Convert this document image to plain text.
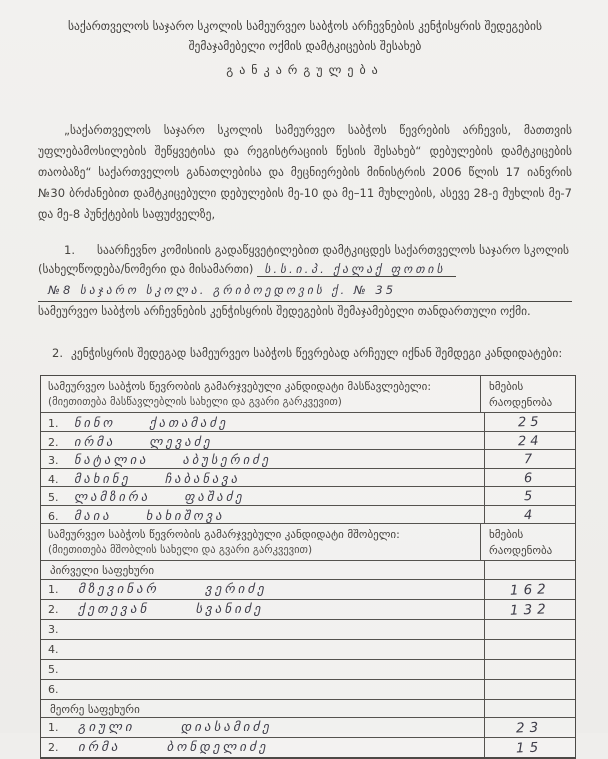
საქართველოს საჯარო სკოლის სამეურვეო საბჭოს არჩევნების კენჭისყრის შედეგების
შემაჯამებელი ოქმის დამტკიცების შესახებ
განკარგულება
„საქართველოს საჯარო სკოლის სამეურვეო საბჭოს წევრების არჩევის, მათთვის უფლებამოსილების შეწყვეტისა და რეგისტრაციის წესის შესახებ“ დებულების დამტკიცების თაობაზე“ საქართველოს განათლებისა და მეცნიერების მინისტრის 2006 წლის 17 იანვრის №30 ბრძანებით დამტკიცებული დებულების მე-10 და მე–11 მუხლების, ასევე 28-ე მუხლის მე-7 და მე-8 პუნქტების საფუძველზე,
1. საარჩევნო კომისიის გადაწყვეტილებით დამტკიცდეს საქართველოს საჯარო სკოლის (სახელწოდება/ნომერი და მისამართი) ს.ს.ი.პ. ქალაქ ფოთის
№8 საჯარო სკოლა. გრიბოედოვის ქ. № 35
სამეურვეო საბჭოს არჩევნების კენჭისყრის შედეგების შემაჯამებელი თანდართული ოქმი.
2. კენჭისყრის შედეგად სამეურვეო საბჭოს წევრებად არჩეულ იქნან შემდეგი კანდიდატები:
სამეურვეო საბჭოს წევრობის გამარჯვებული კანდიდატი მასწავლებელი:
(მიეთითება მასწავლებლის სახელი და გვარი გარკვევით)
ხმების
რაოდენობა
1. ნინო	ქათამაძე	25
2. ირმა	ლევაძე	24
3. ნატალია	აბუსერიძე	7
4. მახინე	ჩაბანავა	6
5. ლამზირა	ფაშაძე	5
6. მაია	ხახიშოვა	4
სამეურვეო საბჭოს წევრობის გამარჯვებული კანდიდატი მშობელი:
(მიეთითება მშობლის სახელი და გვარი გარკვევით)
ხმების
რაოდენობა
პირველი საფეხური
1. მზევინარ	ვერიძე	162
2. ქეთევან	სვანიძე	132
3.
4.
5.
6.
მეორე საფეხური
1. გიული	დიასამიძე	23
2. ირმა	ბონდელიძე	15
